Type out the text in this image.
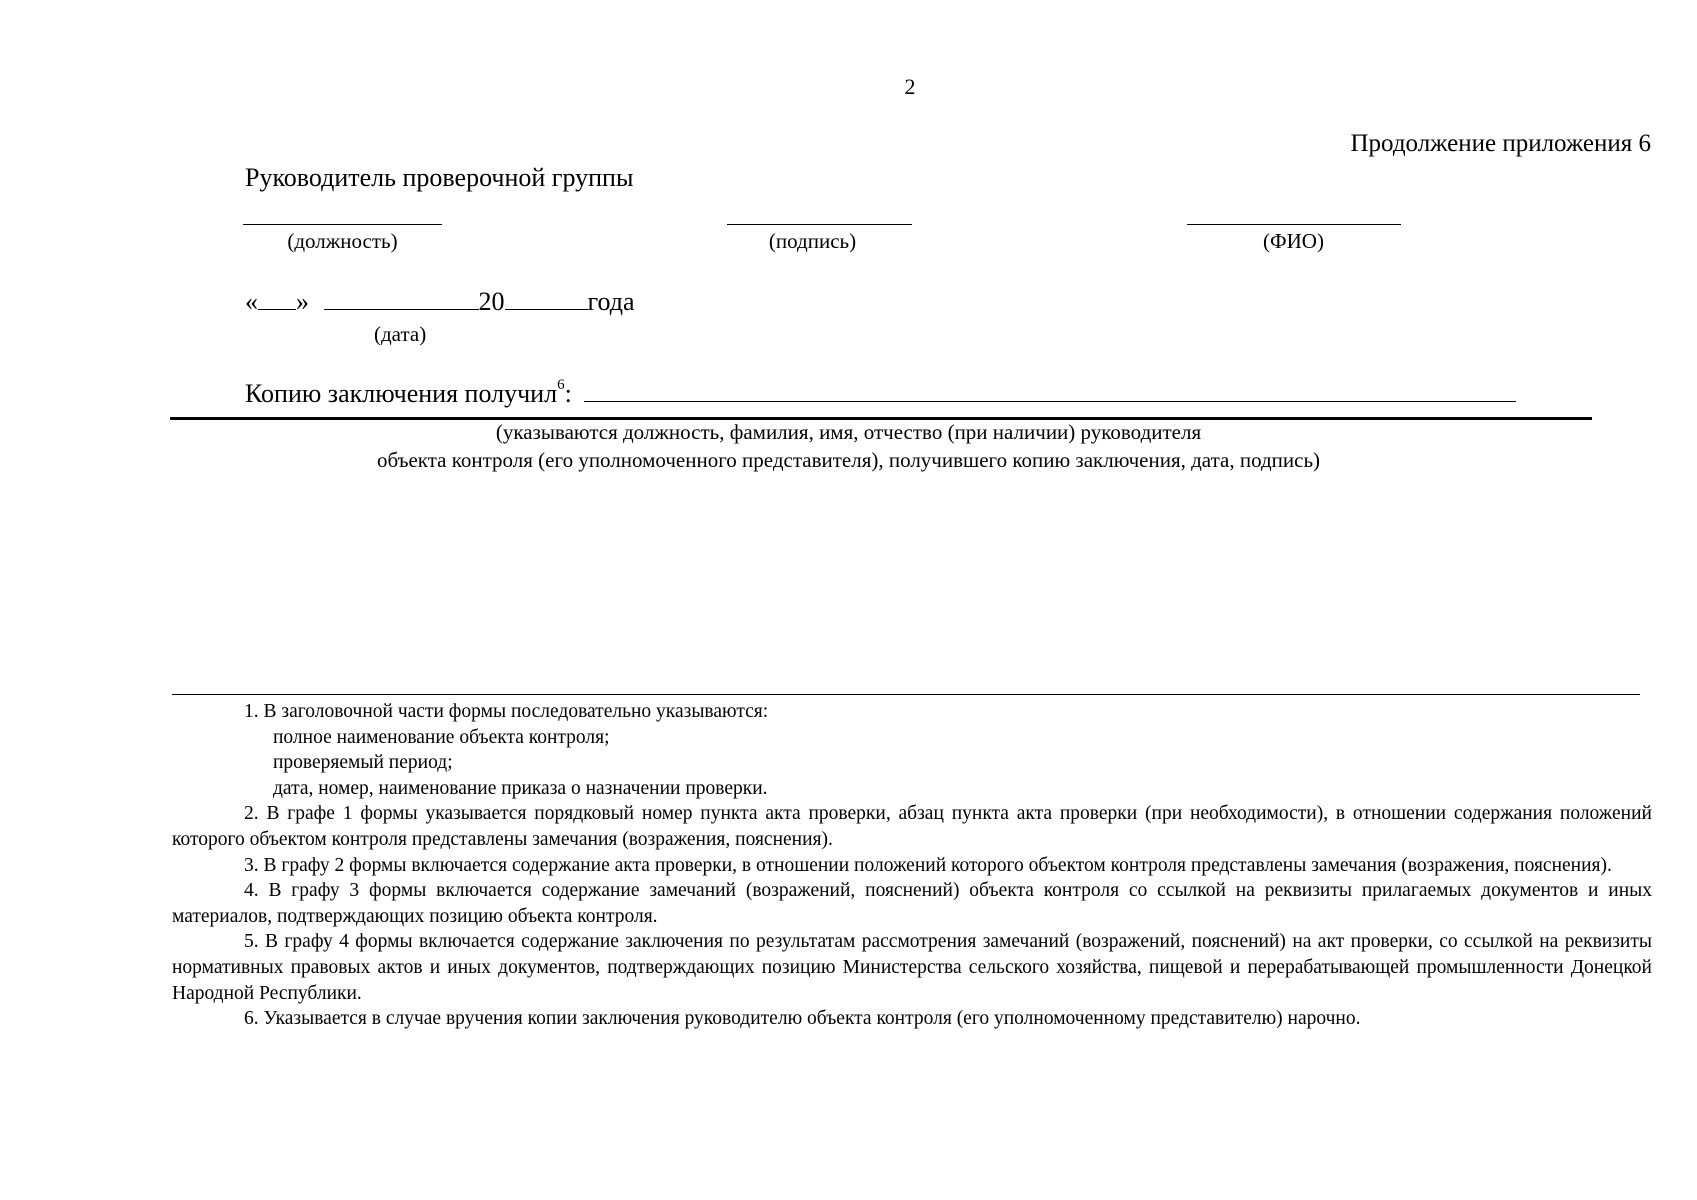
2
Продолжение приложения 6
Руководитель проверочной группы
(должность)	(подпись)	(ФИО)
« »	20	года
(дата)
Копию заключения получил$^6$:
(указываются должность, фамилия, имя, отчество (при наличии) руководителя
объекта контроля (его уполномоченного представителя), получившего копию заключения, дата, подпись)

1. В заголовочной части формы последовательно указываются:

полное наименование объекта контроля;

проверяемый период;

дата, номер, наименование приказа о назначении проверки.

2. В графе 1 формы указывается порядковый номер пункта акта проверки, абзац пункта акта проверки (при необходимости), в отношении содержания положений которого объектом контроля представлены замечания (возражения, пояснения).

3. В графу 2 формы включается содержание акта проверки, в отношении положений которого объектом контроля представлены замечания (возражения, пояснения).

4. В графу 3 формы включается содержание замечаний (возражений, пояснений) объекта контроля со ссылкой на реквизиты прилагаемых документов и иных материалов, подтверждающих позицию объекта контроля.

5. В графу 4 формы включается содержание заключения по результатам рассмотрения замечаний (возражений, пояснений) на акт проверки, со ссылкой на реквизиты нормативных правовых актов и иных документов, подтверждающих позицию Министерства сельского хозяйства, пищевой и перерабатывающей промышленности Донецкой Народной Республики.

6. Указывается в случае вручения копии заключения руководителю объекта контроля (его уполномоченному представителю) нарочно.
